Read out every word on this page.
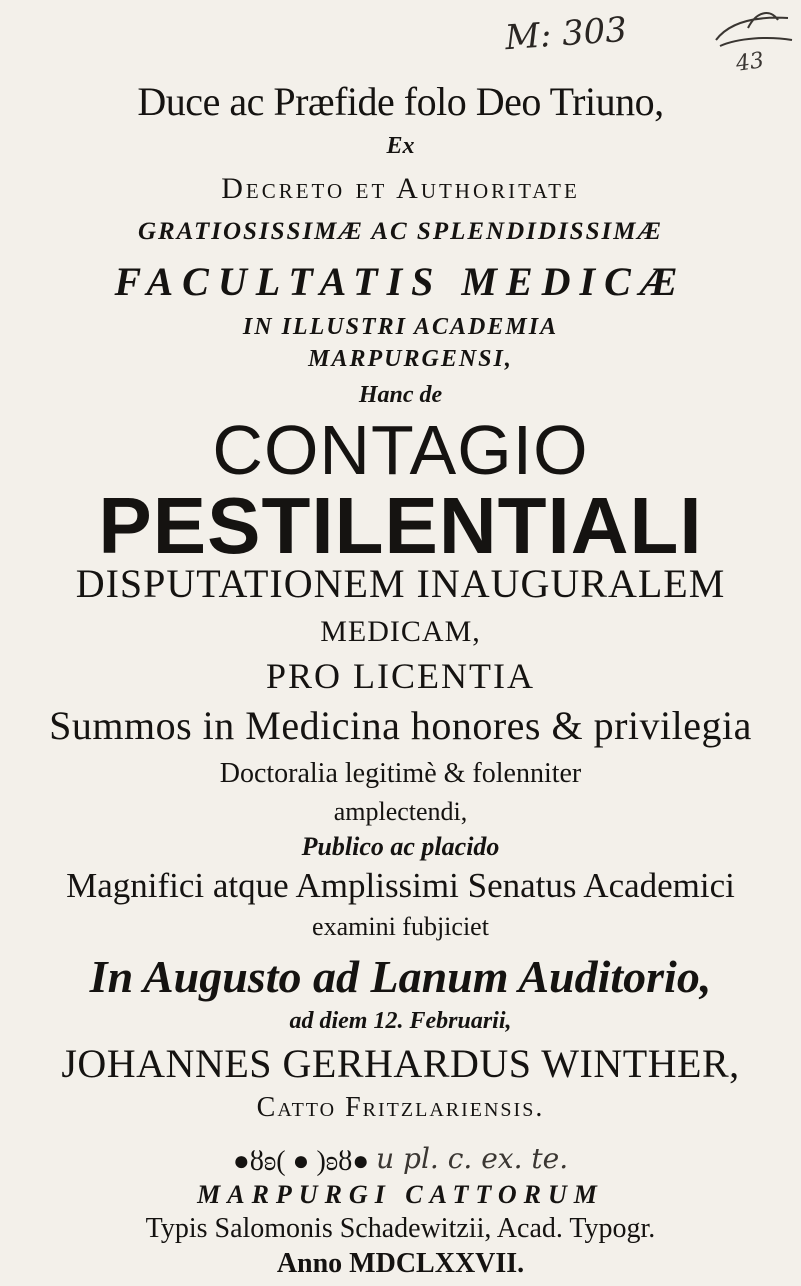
M: 303
43
Duce ac Præfide folo Deo Triuno,
Ex
Decreto et Authoritate
GRATIOSISSIMÆ AC SPLENDIDISSIMÆ
FACULTATIS MEDICÆ
IN ILLUSTRI ACADEMIA
MARPURGENSI,
Hanc de
CONTAGIO
PESTILENTIALI
DISPUTATIONEM INAUGURALEM
MEDICAM,
PRO LICENTIA
Summos in Medicina honores & privilegia
Doctoralia legitimè & folenniter
amplectendi,
Publico ac placido
Magnifici atque Amplissimi Senatus Academici
examini fubjiciet
In Augusto ad Lanum Auditorio,
ad diem 12. Februarii,
JOHANNES GERHARDUS WINTHER,
Catto Fritzlariensis.
●ȣʚ( ● )ʚȣ● u pl. c. ex. te.
MARPURGI CATTORUM
Typis Salomonis Schadewitzii, Acad. Typogr.
Anno MDCLXXVII.
